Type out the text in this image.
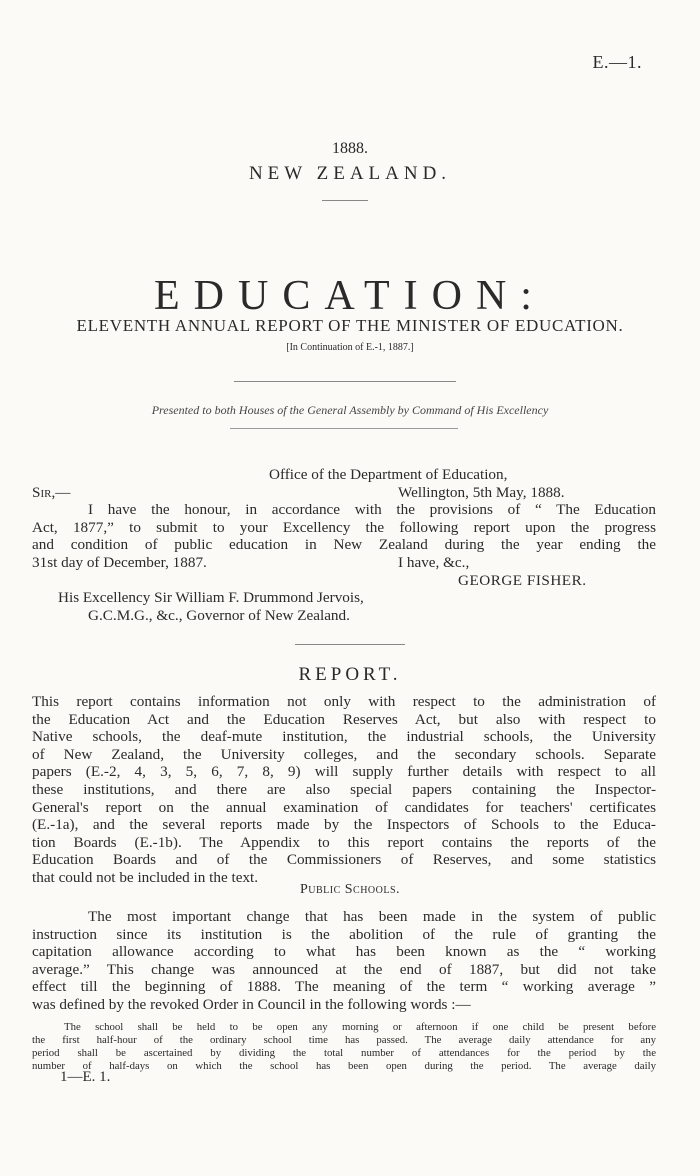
E.—1.
1888.
NEW ZEALAND.
EDUCATION:
ELEVENTH ANNUAL REPORT OF THE MINISTER OF EDUCATION.
[In Continuation of E.-1, 1887.]
Presented to both Houses of the General Assembly by Command of His Excellency
Office of the Department of Education,
Sir,—	Wellington, 5th May, 1888.
I have the honour, in accordance with the provisions of “ The Education
Act, 1877,” to submit to your Excellency the following report upon the progress
and condition of public education in New Zealand during the year ending the
31st day of December, 1887.	I have, &c.,
GEORGE FISHER.
His Excellency Sir William F. Drummond Jervois,
G.C.M.G., &c., Governor of New Zealand.
REPORT.
This report contains information not only with respect to the administration of
the Education Act and the Education Reserves Act, but also with respect to
Native schools, the deaf-mute institution, the industrial schools, the University
of New Zealand, the University colleges, and the secondary schools. Separate
papers (E.-2, 4, 3, 5, 6, 7, 8, 9) will supply further details with respect to all
these institutions, and there are also special papers containing the Inspector-
General's report on the annual examination of candidates for teachers' certificates
(E.-1a), and the several reports made by the Inspectors of Schools to the Educa-
tion Boards (E.-1b). The Appendix to this report contains the reports of the
Education Boards and of the Commissioners of Reserves, and some statistics
that could not be included in the text.
Public Schools.
The most important change that has been made in the system of public
instruction since its institution is the abolition of the rule of granting the
capitation allowance according to what has been known as the “ working
average.” This change was announced at the end of 1887, but did not take
effect till the beginning of 1888. The meaning of the term “ working average ”
was defined by the revoked Order in Council in the following words :—
The school shall be held to be open any morning or afternoon if one child be present before
the first half-hour of the ordinary school time has passed. The average daily attendance for any
period shall be ascertained by dividing the total number of attendances for the period by the
number of half-days on which the school has been open during the period. The average daily
1—E. 1.
